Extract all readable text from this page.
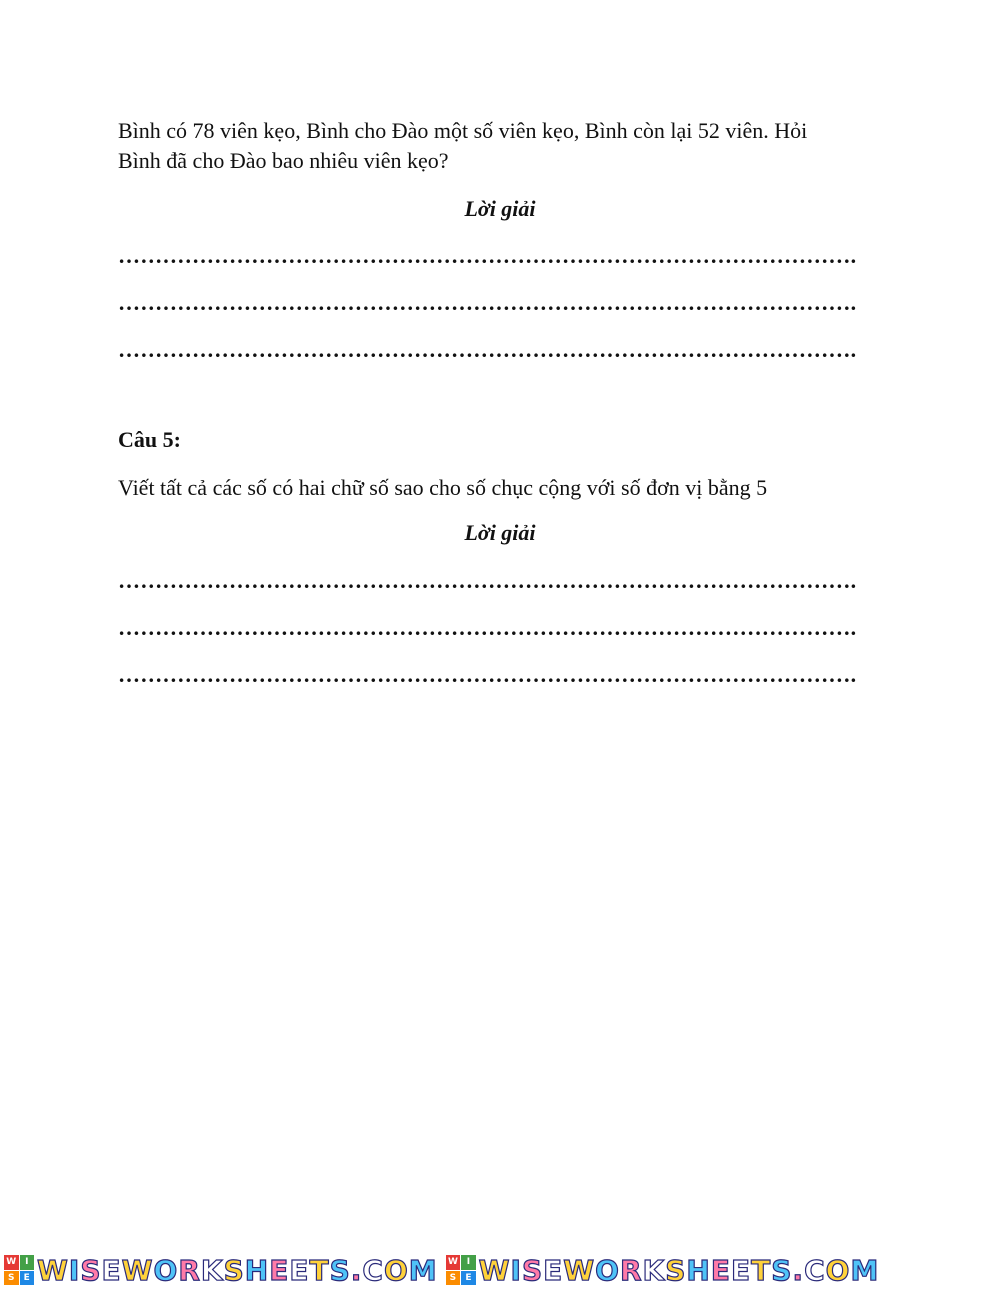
Bình có 78 viên kẹo, Bình cho Đào một số viên kẹo, Bình còn lại 52 viên. Hỏi

Bình đã cho Đào bao nhiêu viên kẹo?

Lời giải

……………………………………………………………………………………….

……………………………………………………………………………………….

……………………………………………………………………………………….

Câu 5:

Viết tất cả các số có hai chữ số sao cho số chục cộng với số đơn vị bằng 5

Lời giải

……………………………………………………………………………………….

……………………………………………………………………………………….

……………………………………………………………………………………….

W I
S	E WISEWORKSHEETS.COM W I
S	E WISEWORKSHEETS.COM
